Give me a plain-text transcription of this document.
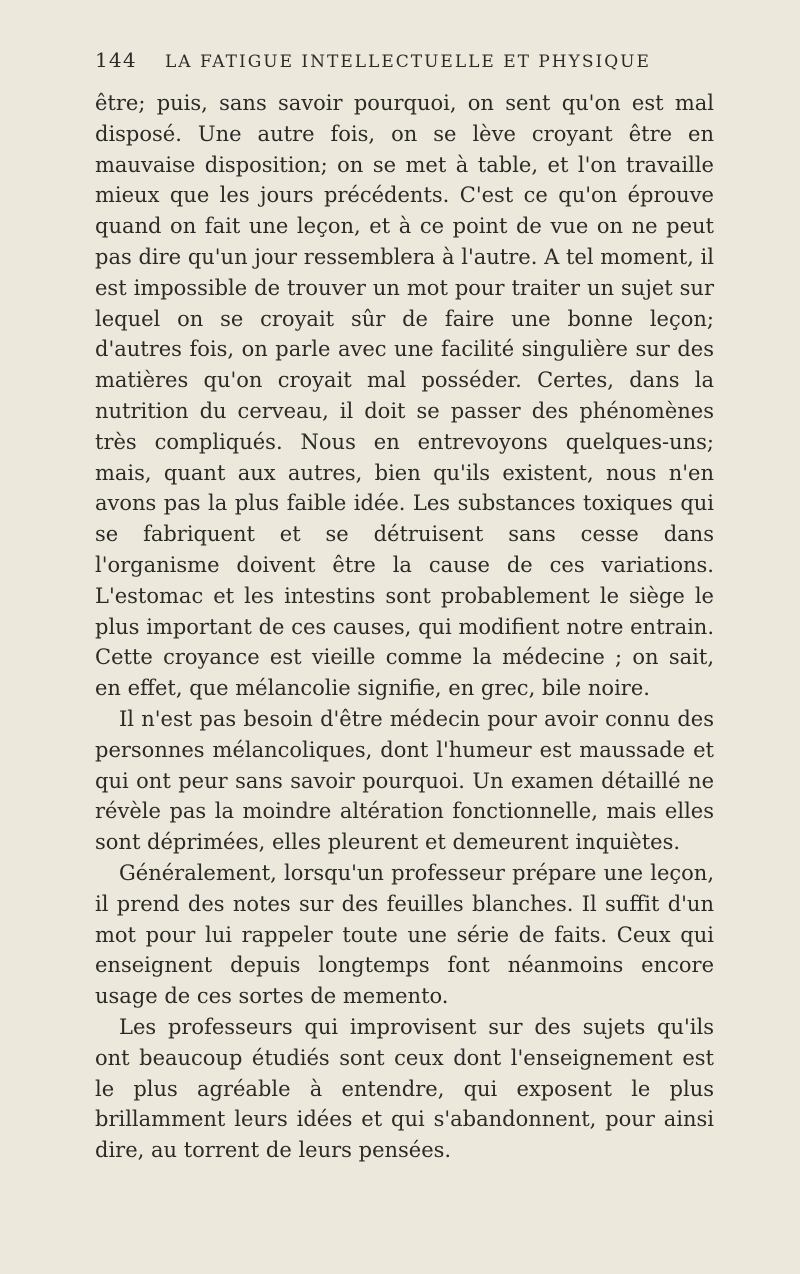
144	LA FATIGUE INTELLECTUELLE ET PHYSIQUE

être; puis, sans savoir pourquoi, on sent qu'on est mal disposé. Une autre fois, on se lève croyant être en mauvaise disposition; on se met à table, et l'on travaille mieux que les jours précédents. C'est ce qu'on éprouve quand on fait une leçon, et à ce point de vue on ne peut pas dire qu'un jour ressemblera à l'autre. A tel moment, il est impossible de trouver un mot pour traiter un sujet sur lequel on se croyait sûr de faire une bonne leçon; d'autres fois, on parle avec une facilité singulière sur des matières qu'on croyait mal posséder. Certes, dans la nutrition du cerveau, il doit se passer des phénomènes très compliqués. Nous en entrevoyons quelques-uns; mais, quant aux autres, bien qu'ils existent, nous n'en avons pas la plus faible idée. Les substances toxiques qui se fabriquent et se détruisent sans cesse dans l'organisme doivent être la cause de ces variations. L'estomac et les intestins sont probablement le siège le plus important de ces causes, qui modifient notre entrain. Cette croyance est vieille comme la médecine ; on sait, en effet, que mélancolie signifie, en grec, bile noire.

Il n'est pas besoin d'être médecin pour avoir connu des personnes mélancoliques, dont l'humeur est maussade et qui ont peur sans savoir pourquoi. Un examen détaillé ne révèle pas la moindre altération fonctionnelle, mais elles sont déprimées, elles pleurent et demeurent inquiètes.

Généralement, lorsqu'un professeur prépare une leçon, il prend des notes sur des feuilles blanches. Il suffit d'un mot pour lui rappeler toute une série de faits. Ceux qui enseignent depuis longtemps font néanmoins encore usage de ces sortes de memento.

Les professeurs qui improvisent sur des sujets qu'ils ont beaucoup étudiés sont ceux dont l'enseignement est le plus agréable à entendre, qui exposent le plus brillamment leurs idées et qui s'abandonnent, pour ainsi dire, au torrent de leurs pensées.
